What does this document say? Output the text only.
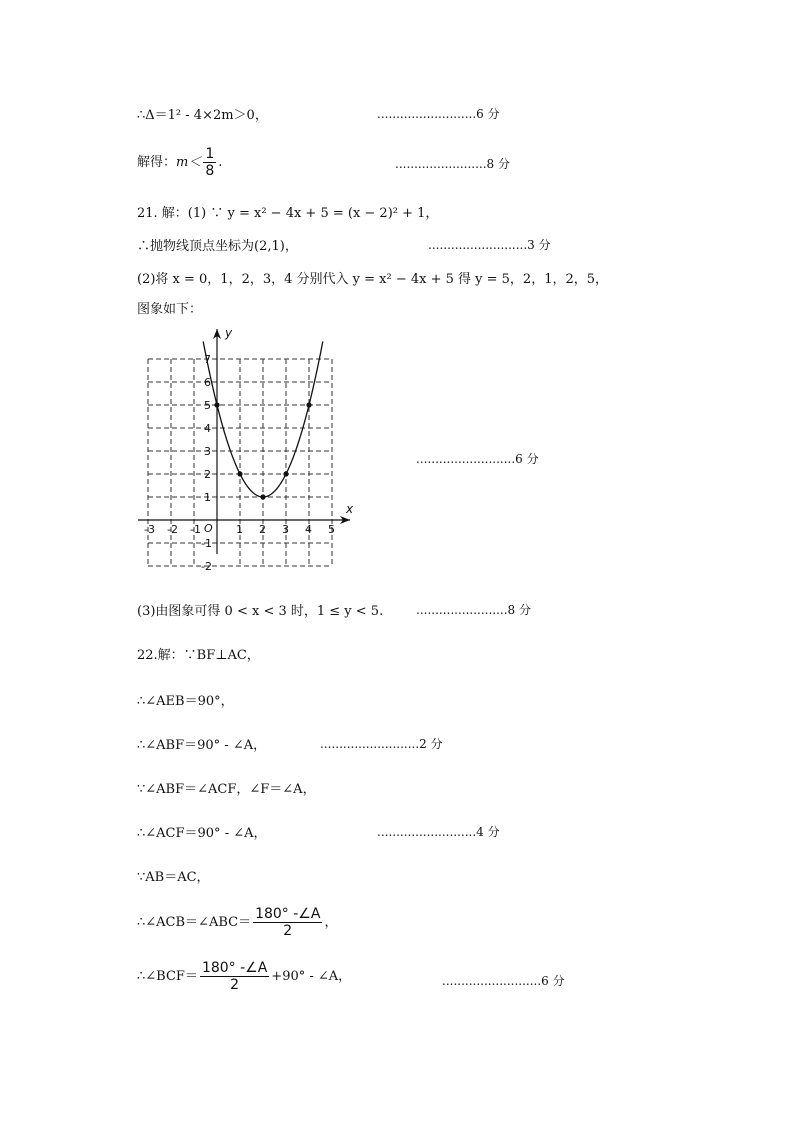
∴Δ＝1² - 4×2m＞0，	..........................6 分
解得：$m< \frac{1}{8}$ .	........................8 分
21. 解：(1) ∵ y = x² − 4x + 5 = (x − 2)² + 1，
∴抛物线顶点坐标为(2,1)，	..........................3 分
(2)将 x = 0，1，2，3，4 分别代入 y = x² − 4x + 5 得 y = 5，2，1，2，5，
图象如下：
x
y
O
-3 -2 -1	1 2 3 4 5
7
6
5
4
3
2
1
-1
-2
..........................6 分
(3)由图象可得 0 < x < 3 时，1 ≤ y < 5.	........................8 分
22.解：∵BF⊥AC，
∴∠AEB＝90°，
∴∠ABF＝90° - ∠A，	..........................2 分
∵∠ABF＝∠ACF，∠F＝∠A，
∴∠ACF＝90° - ∠A，	..........................4 分
∵AB＝AC，
∴∠ACB＝∠ABC＝ $\frac{180^\circ -\angle A}{2}$ ，
∴∠BCF＝ $\frac{180^\circ -\angle A}{2} +90^\circ$ - ∠A，	..........................6 分
